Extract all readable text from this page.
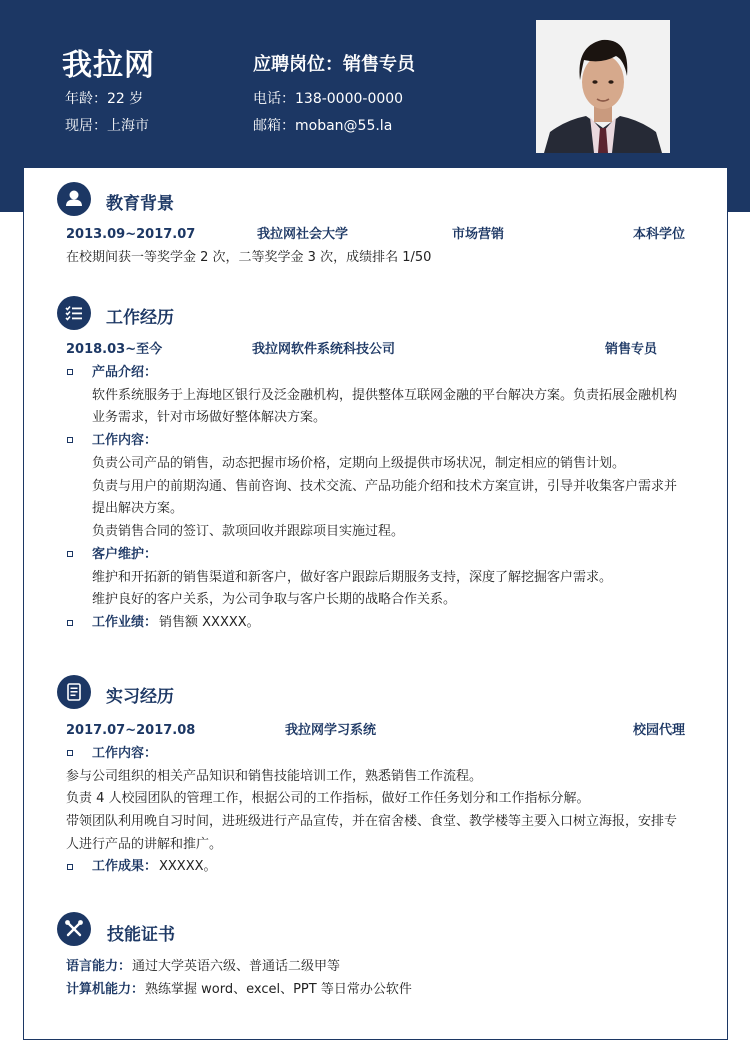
我拉网
年龄：22 岁
现居：上海市
应聘岗位：销售专员
电话：138-0000-0000
邮箱：moban@55.la
教育背景
2013.09~2017.07	我拉网社会大学	市场营销	本科学位
在校期间获一等奖学金 2 次，二等奖学金 3 次，成绩排名 1/50
工作经历
2018.03~至今	我拉网软件系统科技公司	销售专员
产品介绍：
软件系统服务于上海地区银行及泛金融机构，提供整体互联网金融的平台解决方案。负责拓展金融机构
业务需求，针对市场做好整体解决方案。
工作内容：
负责公司产品的销售，动态把握市场价格，定期向上级提供市场状况，制定相应的销售计划。
负责与用户的前期沟通、售前咨询、技术交流、产品功能介绍和技术方案宣讲，引导并收集客户需求并
提出解决方案。
负责销售合同的签订、款项回收并跟踪项目实施过程。
客户维护：
维护和开拓新的销售渠道和新客户，做好客户跟踪后期服务支持，深度了解挖掘客户需求。
维护良好的客户关系，为公司争取与客户长期的战略合作关系。
工作业绩： 销售额 XXXXX。
实习经历
2017.07~2017.08	我拉网学习系统	校园代理
工作内容：
参与公司组织的相关产品知识和销售技能培训工作，熟悉销售工作流程。
负责 4 人校园团队的管理工作，根据公司的工作指标，做好工作任务划分和工作指标分解。
带领团队利用晚自习时间，进班级进行产品宣传，并在宿舍楼、食堂、教学楼等主要入口树立海报，安排专
人进行产品的讲解和推广。
工作成果： XXXXX。
技能证书
语言能力： 通过大学英语六级、普通话二级甲等
计算机能力： 熟练掌握 word、excel、PPT 等日常办公软件
